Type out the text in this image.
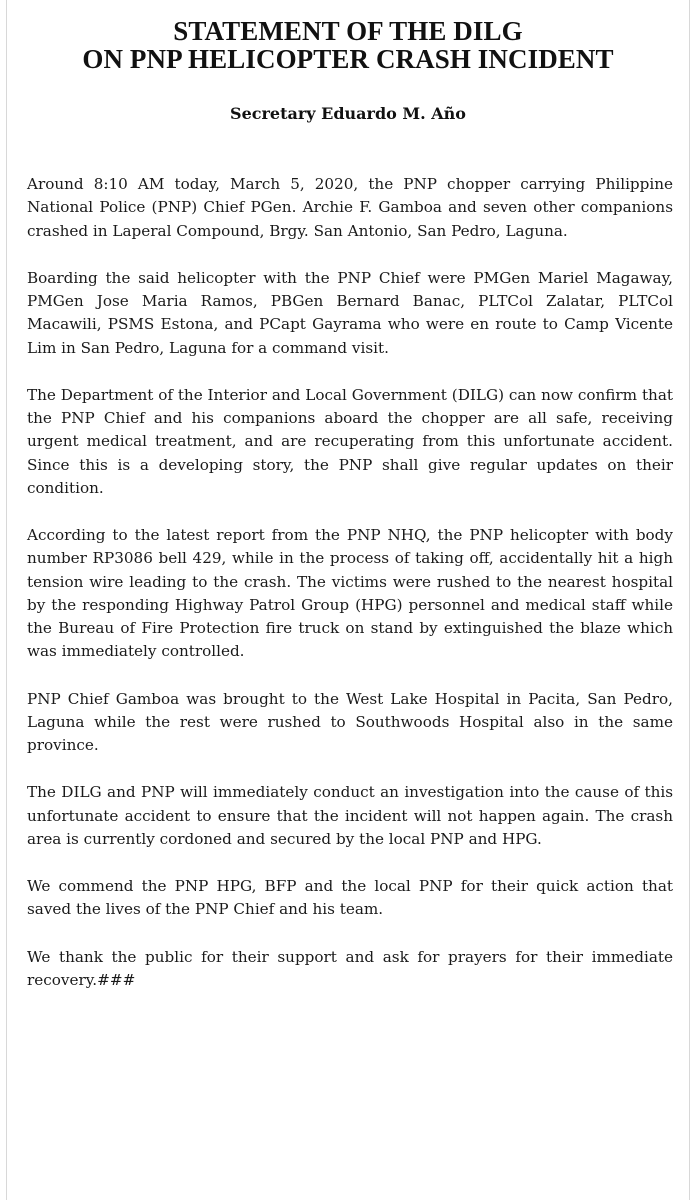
STATEMENT OF THE DILG
ON PNP HELICOPTER CRASH INCIDENT
Secretary Eduardo M. Año

Around 8:10 AM today, March 5, 2020, the PNP chopper carrying Philippine National Police (PNP) Chief PGen. Archie F. Gamboa and seven other companions crashed in Laperal Compound, Brgy. San Antonio, San Pedro, Laguna.

Boarding the said helicopter with the PNP Chief were PMGen Mariel Magaway, PMGen Jose Maria Ramos, PBGen Bernard Banac, PLTCol Zalatar, PLTCol Macawili, PSMS Estona, and PCapt Gayrama who were en route to Camp Vicente Lim in San Pedro, Laguna for a command visit.

The Department of the Interior and Local Government (DILG) can now confirm that the PNP Chief and his companions aboard the chopper are all safe, receiving urgent medical treatment, and are recuperating from this unfortunate accident. Since this is a developing story, the PNP shall give regular updates on their condition.

According to the latest report from the PNP NHQ, the PNP helicopter with body number RP3086 bell 429, while in the process of taking off, accidentally hit a high tension wire leading to the crash. The victims were rushed to the nearest hospital by the responding Highway Patrol Group (HPG) personnel and medical staff while the Bureau of Fire Protection fire truck on stand by extinguished the blaze which was immediately controlled.

PNP Chief Gamboa was brought to the West Lake Hospital in Pacita, San Pedro, Laguna while the rest were rushed to Southwoods Hospital also in the same province.

The DILG and PNP will immediately conduct an investigation into the cause of this unfortunate accident to ensure that the incident will not happen again. The crash area is currently cordoned and secured by the local PNP and HPG.

We commend the PNP HPG, BFP and the local PNP for their quick action that saved the lives of the PNP Chief and his team.

We thank the public for their support and ask for prayers for their immediate recovery.###
